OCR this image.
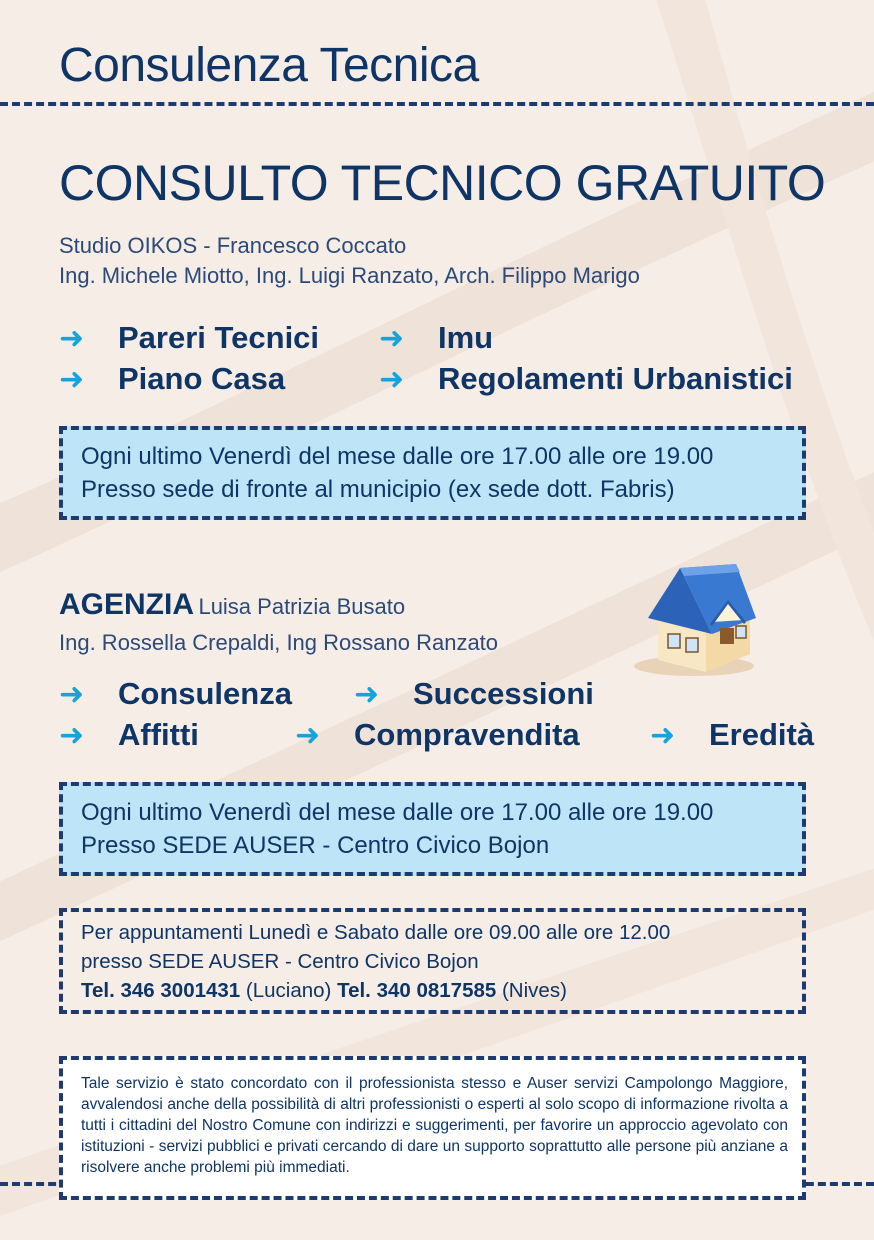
Consulenza Tecnica
CONSULTO TECNICO GRATUITO
Studio OIKOS - Francesco Coccato
Ing. Michele Miotto, Ing. Luigi Ranzato, Arch. Filippo Marigo
➜ Pareri Tecnici ➜ Imu
➜ Piano Casa	➜ Regolamenti Urbanistici
Ogni ultimo Venerdì del mese dalle ore 17.00 alle ore 19.00
Presso sede di fronte al municipio (ex sede dott. Fabris)
AGENZIA Luisa Patrizia Busato
Ing. Rossella Crepaldi, Ing Rossano Ranzato
➜ Consulenza ➜ Successioni
➜ Affitti	➜ Compravendita ➜ Eredità
Ogni ultimo Venerdì del mese dalle ore 17.00 alle ore 19.00
Presso SEDE AUSER - Centro Civico Bojon
Per appuntamenti Lunedì e Sabato dalle ore 09.00 alle ore 12.00
presso SEDE AUSER - Centro Civico Bojon
Tel. 346 3001431 (Luciano) Tel. 340 0817585 (Nives)
Tale servizio è stato concordato con il professionista stesso e Auser servizi Campolongo Maggiore, avvalendosi anche della possibilità di altri professionisti o esperti al solo scopo di informazione rivolta a tutti i cittadini del Nostro Comune con indirizzi e suggerimenti, per favorire un approccio agevolato con istituzioni - servizi pubblici e privati cercando di dare un supporto soprattutto alle persone più anziane a risolvere anche problemi più immediati.
